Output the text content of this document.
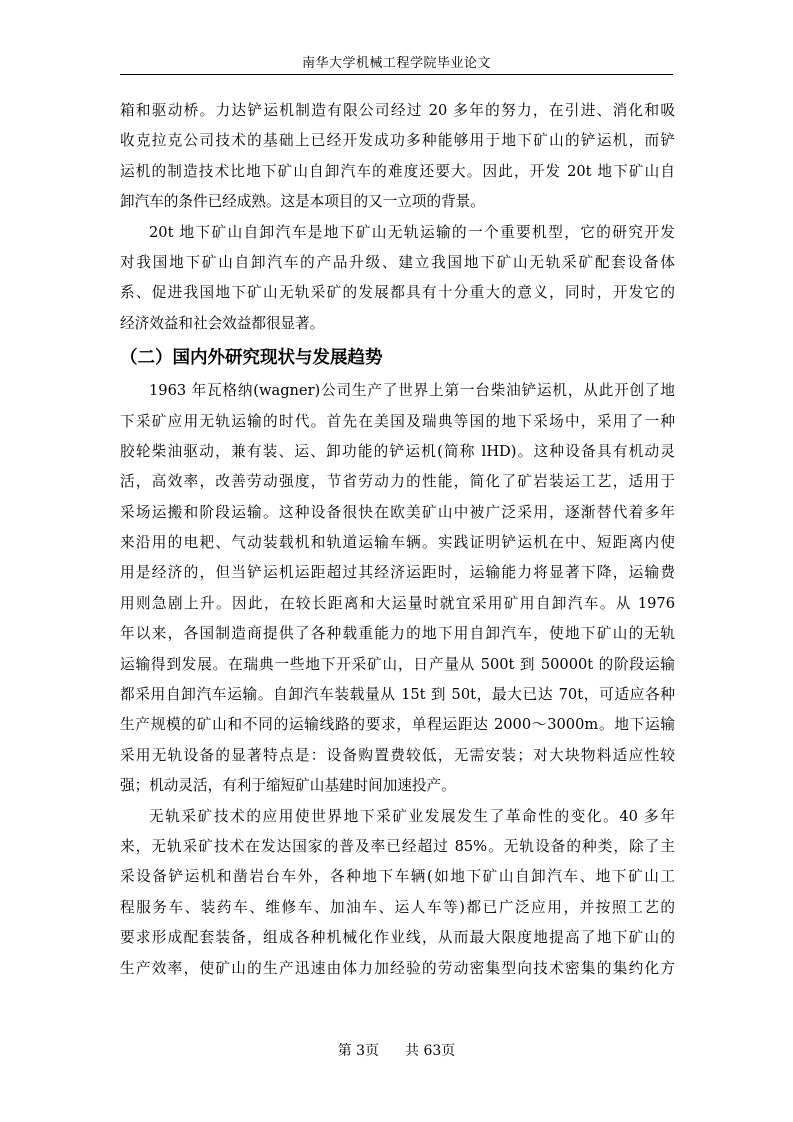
南华大学机械工程学院毕业论文
箱和驱动桥。力达铲运机制造有限公司经过 20 多年的努力，在引进、消化和吸
收克拉克公司技术的基础上已经开发成功多种能够用于地下矿山的铲运机，而铲
运机的制造技术比地下矿山自卸汽车的难度还要大。因此，开发 20t 地下矿山自
卸汽车的条件已经成熟。这是本项目的又一立项的背景。
20t 地下矿山自卸汽车是地下矿山无轨运输的一个重要机型，它的研究开发
对我国地下矿山自卸汽车的产品升级、建立我国地下矿山无轨采矿配套设备体
系、促进我国地下矿山无轨采矿的发展都具有十分重大的意义，同时，开发它的
经济效益和社会效益都很显著。
（二）国内外研究现状与发展趋势
1963 年瓦格纳(wagner)公司生产了世界上第一台柴油铲运机，从此开创了地
下采矿应用无轨运输的时代。首先在美国及瑞典等国的地下采场中，采用了一种
胶轮柴油驱动，兼有装、运、卸功能的铲运机(简称 lHD)。这种设备具有机动灵
活，高效率，改善劳动强度，节省劳动力的性能，简化了矿岩装运工艺，适用于
采场运搬和阶段运输。这种设备很快在欧美矿山中被广泛采用，逐渐替代着多年
来沿用的电耙、气动装载机和轨道运输车辆。实践证明铲运机在中、短距离内使
用是经济的，但当铲运机运距超过其经济运距时，运输能力将显著下降，运输费
用则急剧上升。因此，在较长距离和大运量时就宜采用矿用自卸汽车。从 1976
年以来，各国制造商提供了各种载重能力的地下用自卸汽车，使地下矿山的无轨
运输得到发展。在瑞典一些地下开采矿山，日产量从 500t 到 50000t 的阶段运输
都采用自卸汽车运输。自卸汽车装载量从 15t 到 50t，最大已达 70t，可适应各种
生产规模的矿山和不同的运输线路的要求，单程运距达 2000～3000m。地下运输
采用无轨设备的显著特点是：设备购置费较低，无需安装；对大块物料适应性较
强；机动灵活，有利于缩短矿山基建时间加速投产。
无轨采矿技术的应用使世界地下采矿业发展发生了革命性的变化。40 多年
来，无轨采矿技术在发达国家的普及率已经超过 85%。无轨设备的种类，除了主
采设备铲运机和凿岩台车外，各种地下车辆(如地下矿山自卸汽车、地下矿山工
程服务车、装药车、维修车、加油车、运人车等)都已广泛应用，并按照工艺的
要求形成配套装备，组成各种机械化作业线，从而最大限度地提高了地下矿山的
生产效率，使矿山的生产迅速由体力加经验的劳动密集型向技术密集的集约化方
第 3页 共 63页
